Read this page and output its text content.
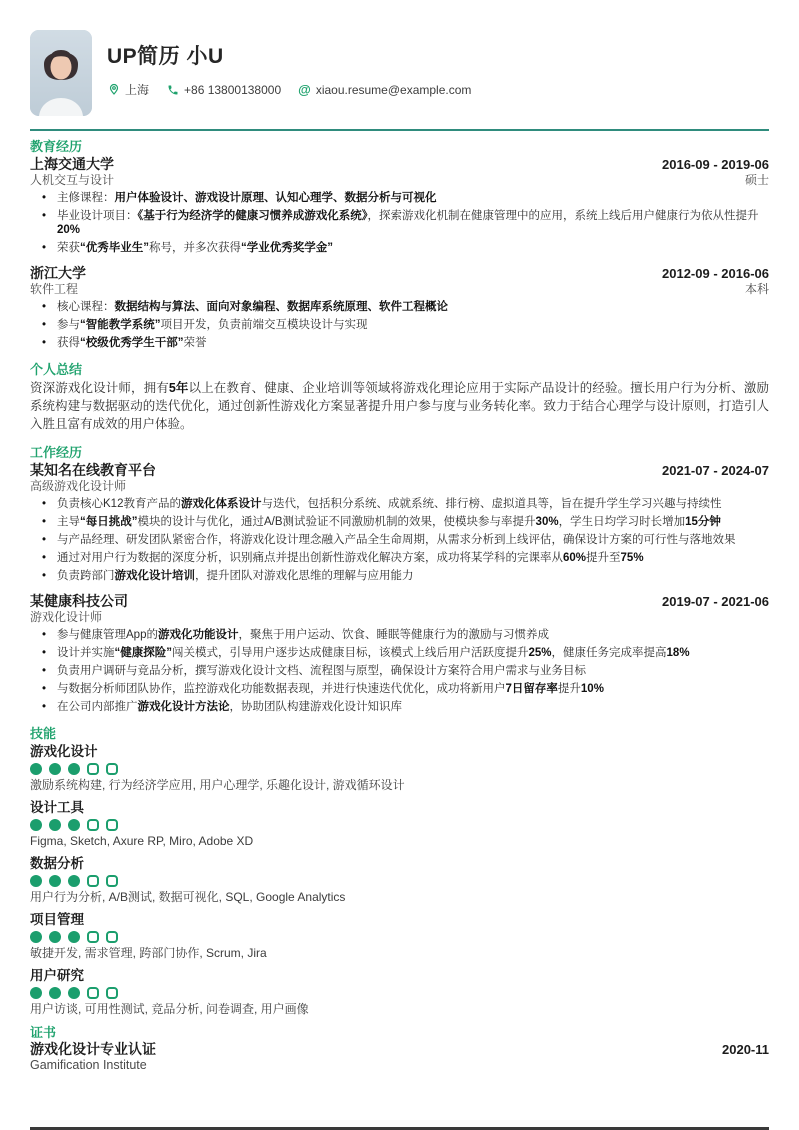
UP简历 小U
上海	+86 13800138000 @ xiaou.resume@example.com
教育经历
上海交通大学	2016-09 - 2019-06
人机交互与设计	硕士
• 主修课程：用户体验设计、游戏设计原理、认知心理学、数据分析与可视化
• 毕业设计项目：《基于行为经济学的健康习惯养成游戏化系统》，探索游戏化机制在健康管理中的应用，系统上线后用户健康行为依从性提升20%
• 荣获“优秀毕业生”称号，并多次获得“学业优秀奖学金”
浙江大学	2012-09 - 2016-06
软件工程	本科
• 核心课程：数据结构与算法、面向对象编程、数据库系统原理、软件工程概论
• 参与“智能教学系统”项目开发，负责前端交互模块设计与实现
• 获得“校级优秀学生干部”荣誉
个人总结

资深游戏化设计师，拥有5年以上在教育、健康、企业培训等领域将游戏化理论应用于实际产品设计的经验。擅长用户行为分析、激励系统构建与数据驱动的迭代优化，通过创新性游戏化方案显著提升用户参与度与业务转化率。致力于结合心理学与设计原则，打造引人入胜且富有成效的用户体验。

工作经历
某知名在线教育平台	2021-07 - 2024-07
高级游戏化设计师
• 负责核心K12教育产品的游戏化体系设计与迭代，包括积分系统、成就系统、排行榜、虚拟道具等，旨在提升学生学习兴趣与持续性
• 主导“每日挑战”模块的设计与优化，通过A/B测试验证不同激励机制的效果，使模块参与率提升30%，学生日均学习时长增加15分钟
• 与产品经理、研发团队紧密合作，将游戏化设计理念融入产品全生命周期，从需求分析到上线评估，确保设计方案的可行性与落地效果
• 通过对用户行为数据的深度分析，识别痛点并提出创新性游戏化解决方案，成功将某学科的完课率从60%提升至75%
• 负责跨部门游戏化设计培训，提升团队对游戏化思维的理解与应用能力
某健康科技公司	2019-07 - 2021-06
游戏化设计师
• 参与健康管理App的游戏化功能设计，聚焦于用户运动、饮食、睡眠等健康行为的激励与习惯养成
• 设计并实施“健康探险”闯关模式，引导用户逐步达成健康目标，该模式上线后用户活跃度提升25%，健康任务完成率提高18%
• 负责用户调研与竞品分析，撰写游戏化设计文档、流程图与原型，确保设计方案符合用户需求与业务目标
• 与数据分析师团队协作，监控游戏化功能数据表现，并进行快速迭代优化，成功将新用户7日留存率提升10%
• 在公司内部推广游戏化设计方法论，协助团队构建游戏化设计知识库
技能
游戏化设计
激励系统构建, 行为经济学应用, 用户心理学, 乐趣化设计, 游戏循环设计
设计工具
Figma, Sketch, Axure RP, Miro, Adobe XD
数据分析
用户行为分析, A/B测试, 数据可视化, SQL, Google Analytics
项目管理
敏捷开发, 需求管理, 跨部门协作, Scrum, Jira
用户研究
用户访谈, 可用性测试, 竞品分析, 问卷调查, 用户画像
证书
游戏化设计专业认证	2020-11
Gamification Institute
